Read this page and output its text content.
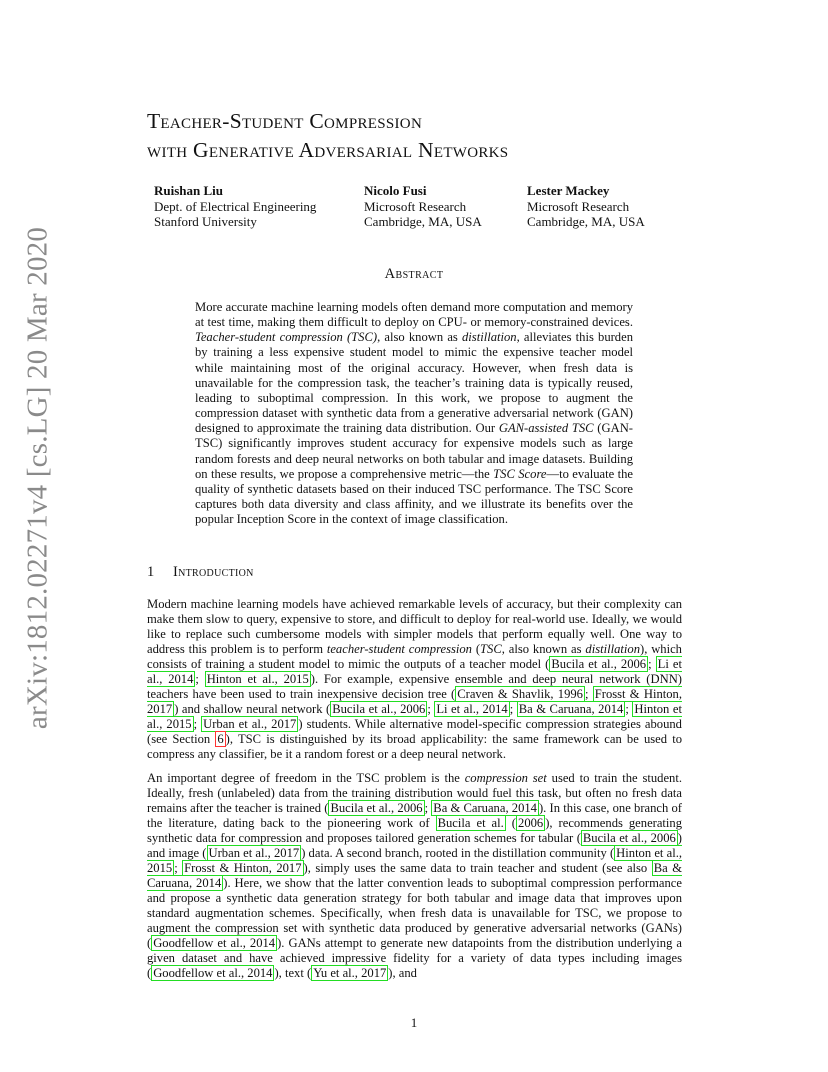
arXiv:1812.02271v4 [cs.LG] 20 Mar 2020
Teacher-Student Compression
with Generative Adversarial Networks
Ruishan Liu
Dept. of Electrical Engineering
Stanford University
Nicolo Fusi
Microsoft Research
Cambridge, MA, USA
Lester Mackey
Microsoft Research
Cambridge, MA, USA
Abstract
More accurate machine learning models often demand more computation and memory at test time, making them difficult to deploy on CPU- or memory-constrained devices. Teacher-student compression (TSC), also known as distillation, alleviates this burden by training a less expensive student model to mimic the expensive teacher model while maintaining most of the original accuracy. However, when fresh data is unavailable for the compression task, the teacher’s training data is typically reused, leading to suboptimal compression. In this work, we propose to augment the compression dataset with synthetic data from a generative adversarial network (GAN) designed to approximate the training data distribution. Our GAN-assisted TSC (GAN-TSC) significantly improves student accuracy for expensive models such as large random forests and deep neural networks on both tabular and image datasets. Building on these results, we propose a comprehensive metric—the TSC Score—to evaluate the quality of synthetic datasets based on their induced TSC performance. The TSC Score captures both data diversity and class affinity, and we illustrate its benefits over the popular Inception Score in the context of image classification.
1 Introduction

Modern machine learning models have achieved remarkable levels of accuracy, but their complexity can make them slow to query, expensive to store, and difficult to deploy for real-world use. Ideally, we would like to replace such cumbersome models with simpler models that perform equally well. One way to address this problem is to perform teacher-student compression (TSC, also known as distillation), which consists of training a student model to mimic the outputs of a teacher model ( Bucila et al., 2006 ; Li et al., 2014 ; Hinton et al., 2015 ). For example, expensive ensemble and deep neural network (DNN) teachers have been used to train inexpensive decision tree ( Craven & Shavlik, 1996 ; Frosst & Hinton, 2017 ) and shallow neural network ( Bucila et al., 2006 ; Li et al., 2014 ; Ba & Caruana, 2014 ; Hinton et al., 2015 ; Urban et al., 2017 ) students. While alternative model-specific compression strategies abound (see Section 6 ), TSC is distinguished by its broad applicability: the same framework can be used to compress any classifier, be it a random forest or a deep neural network.

An important degree of freedom in the TSC problem is the compression set used to train the student. Ideally, fresh (unlabeled) data from the training distribution would fuel this task, but often no fresh data remains after the teacher is trained ( Bucila et al., 2006 ; Ba & Caruana, 2014 ). In this case, one branch of the literature, dating back to the pioneering work of Bucila et al. ( 2006 ), recommends generating synthetic data for compression and proposes tailored generation schemes for tabular ( Bucila et al., 2006 ) and image ( Urban et al., 2017 ) data. A second branch, rooted in the distillation community ( Hinton et al., 2015 ; Frosst & Hinton, 2017 ), simply uses the same data to train teacher and student (see also Ba & Caruana, 2014 ). Here, we show that the latter convention leads to suboptimal compression performance and propose a synthetic data generation strategy for both tabular and image data that improves upon standard augmentation schemes. Specifically, when fresh data is unavailable for TSC, we propose to augment the compression set with synthetic data produced by generative adversarial networks (GANs) ( Goodfellow et al., 2014 ). GANs attempt to generate new datapoints from the distribution underlying a given dataset and have achieved impressive fidelity for a variety of data types including images ( Goodfellow et al., 2014 ), text ( Yu et al., 2017 ), and

1
